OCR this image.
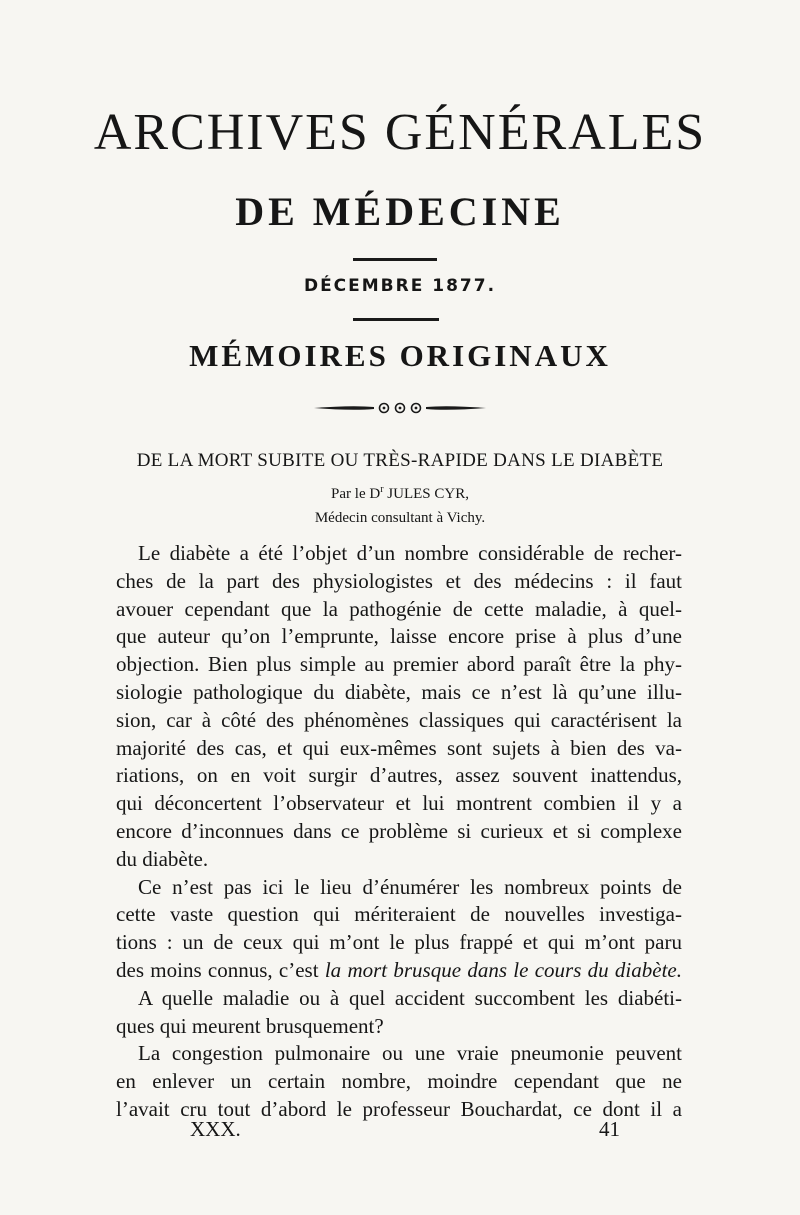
ARCHIVES GÉNÉRALES
DE MÉDECINE

DÉCEMBRE 1877.

MÉMOIRES ORIGINAUX

DE LA MORT SUBITE OU TRÈS-RAPIDE DANS LE DIABÈTE

Par le $D^r$ JULES CYR,

Médecin consultant à Vichy.

Le diabète a été l’objet d’un nombre considérable de recher-
ches de la part des physiologistes et des médecins : il faut
avouer cependant que la pathogénie de cette maladie, à quel-
que auteur qu’on l’emprunte, laisse encore prise à plus d’une
objection. Bien plus simple au premier abord paraît être la phy-
siologie pathologique du diabète, mais ce n’est là qu’une illu-
sion, car à côté des phénomènes classiques qui caractérisent la
majorité des cas, et qui eux-mêmes sont sujets à bien des va-
riations, on en voit surgir d’autres, assez souvent inattendus,
qui déconcertent l’observateur et lui montrent combien il y a
encore d’inconnues dans ce problème si curieux et si complexe
du diabète.
Ce n’est pas ici le lieu d’énumérer les nombreux points de
cette vaste question qui mériteraient de nouvelles investiga-
tions : un de ceux qui m’ont le plus frappé et qui m’ont paru
des moins connus, c’est la mort brusque dans le cours du diabète.
A quelle maladie ou à quel accident succombent les diabéti-
ques qui meurent brusquement?
La congestion pulmonaire ou une vraie pneumonie peuvent
en enlever un certain nombre, moindre cependant que ne
l’avait cru tout d’abord le professeur Bouchardat, ce dont il a
XXX.	41
